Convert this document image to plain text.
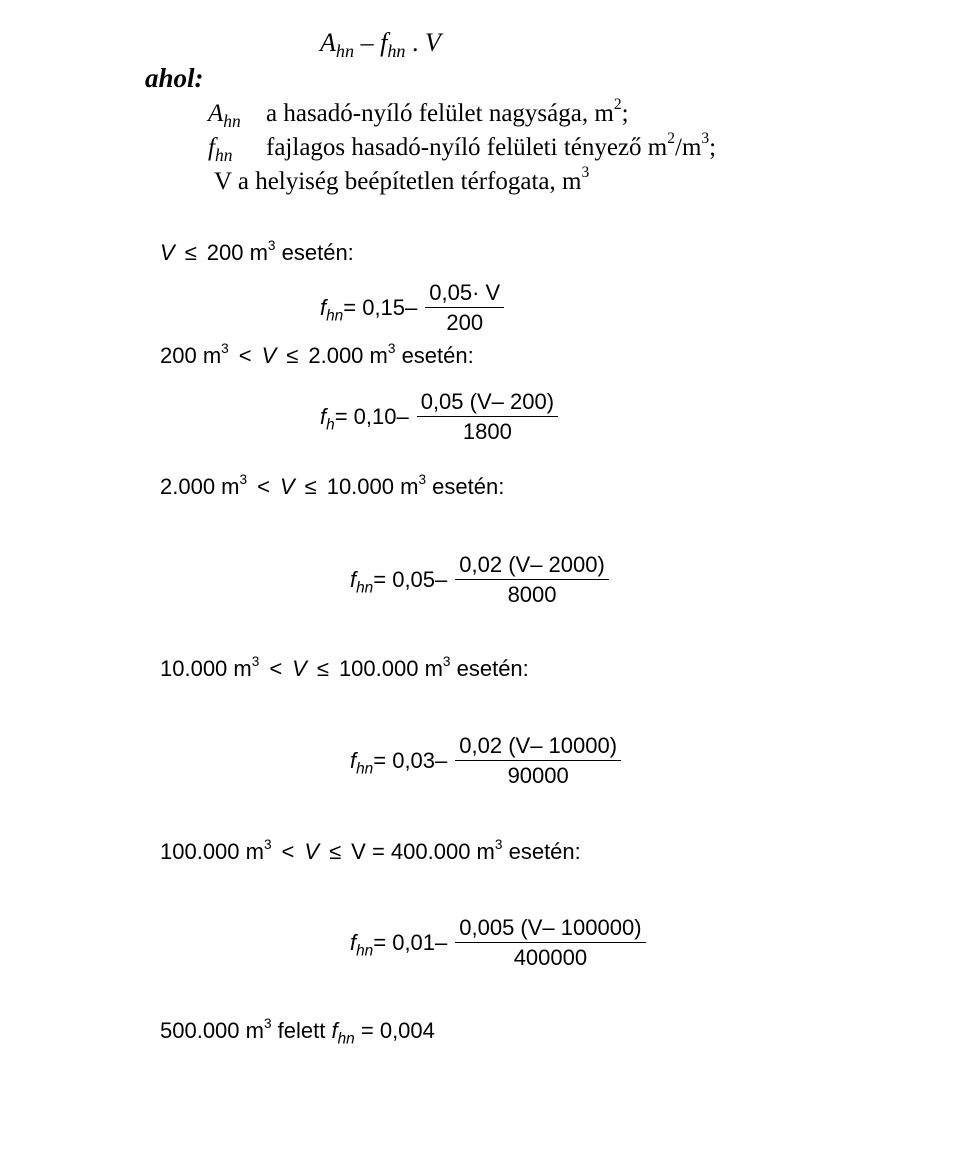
$A_{hn} - f_{hn}$ . V
ahol:
$A_{hn}$ a hasadó-nyíló felület nagysága, $m^2$;
$f_{hn}$ fajlagos hasadó-nyíló felületi tényező $m^2/m^3$;
V a helyiség beépítetlen térfogata, $m^3$
V ≤ 200 $m^3$ esetén:
$f_{hn} = 0,15- \frac{0,05\cdot V}{200}$
200 $m^3 < V \le 2.000$ $m^3$ esetén:
$f_h = 0,10- \frac{0,05 (V- 200)}{1800}$
2.000 $m^3 < V \le 10.000$ $m^3$ esetén:
$f_{hn} = 0,05- \frac{0,02 (V- 2000)}{8000}$
10.000 $m^3 < V \le 100.000$ $m^3$ esetén:
$f_{hn} = 0,03- \frac{0,02 (V- 10000)}{90000}$
100.000 $m^3 < V \le V = 400.000$ $m^3$ esetén:
$f_{hn} = 0,01- \frac{0,005 (V- 100000)}{400000}$
500.000 $m^3$ felett $f_{hn} = 0,004$
